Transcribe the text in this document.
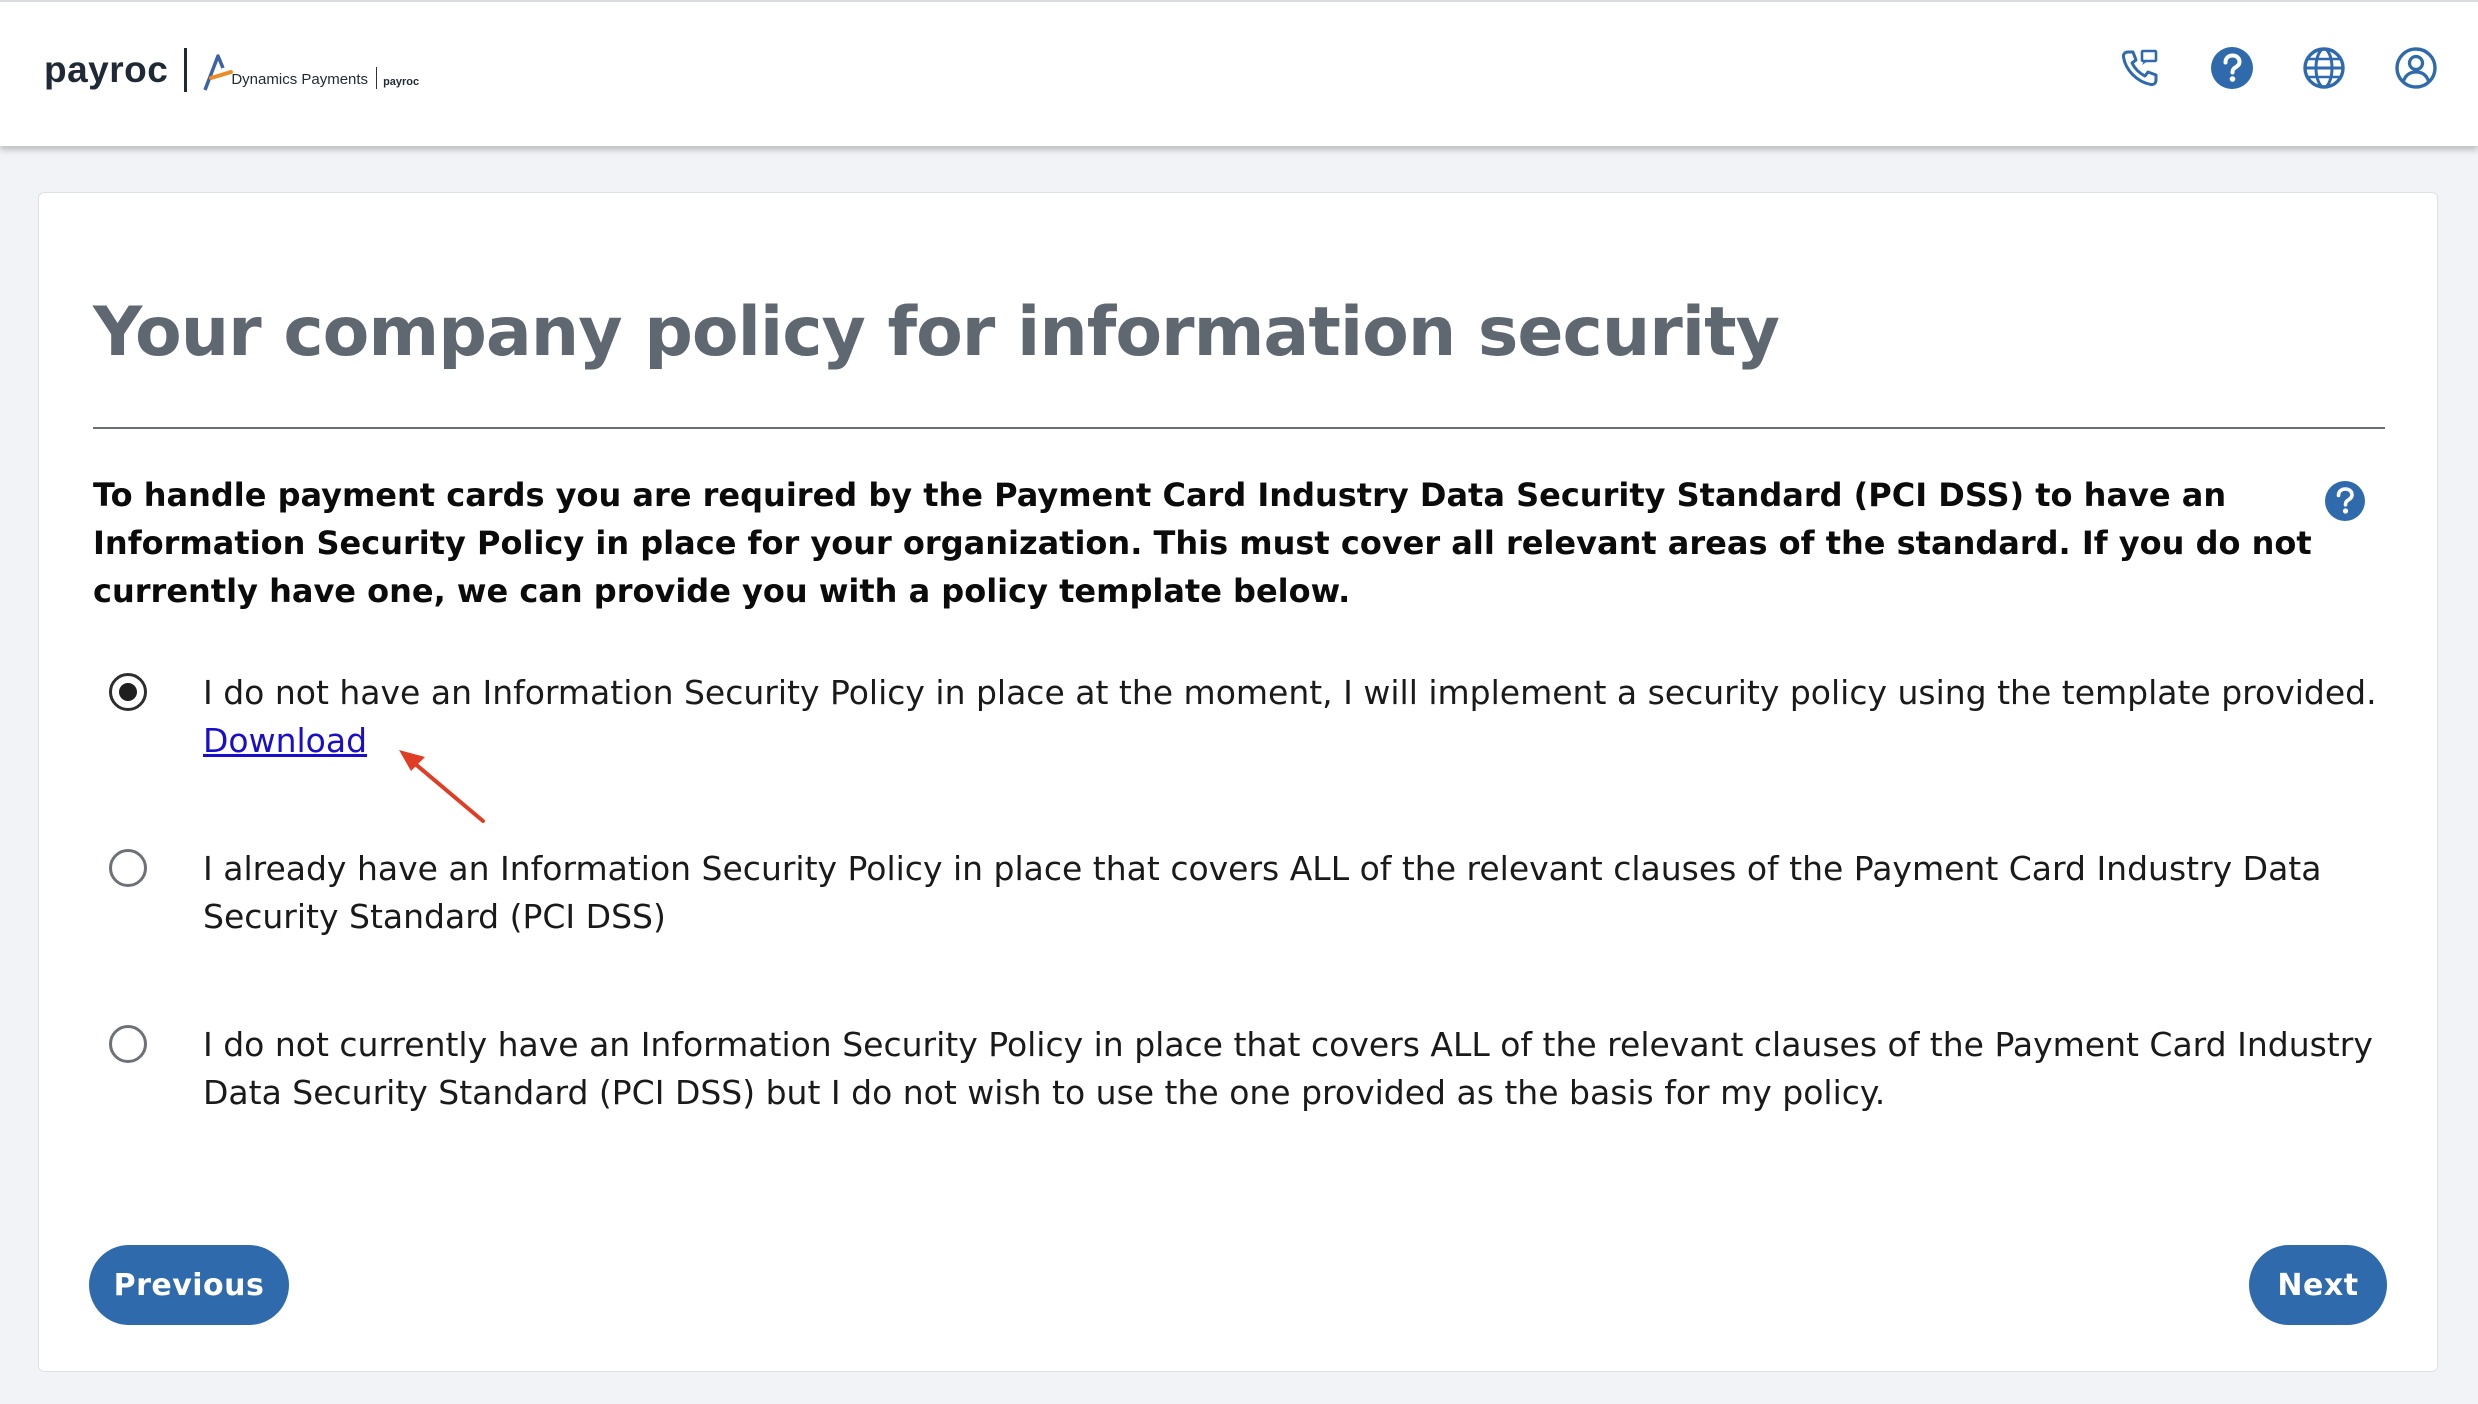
payroc	Dynamics Payments payroc
Your company policy for information security

To handle payment cards you are required by the Payment Card Industry Data Security Standard (PCI DSS) to have an Information Security Policy in place for your organization. This must cover all relevant areas of the standard. If you do not currently have one, we can provide you with a policy template below.

I do not have an Information Security Policy in place at the moment, I will implement a security policy using the template provided.
Download
I already have an Information Security Policy in place that covers ALL of the relevant clauses of the Payment Card Industry Data Security Standard (PCI DSS)
I do not currently have an Information Security Policy in place that covers ALL of the relevant clauses of the Payment Card Industry Data Security Standard (PCI DSS) but I do not wish to use the one provided as the basis for my policy.
Previous	Next
